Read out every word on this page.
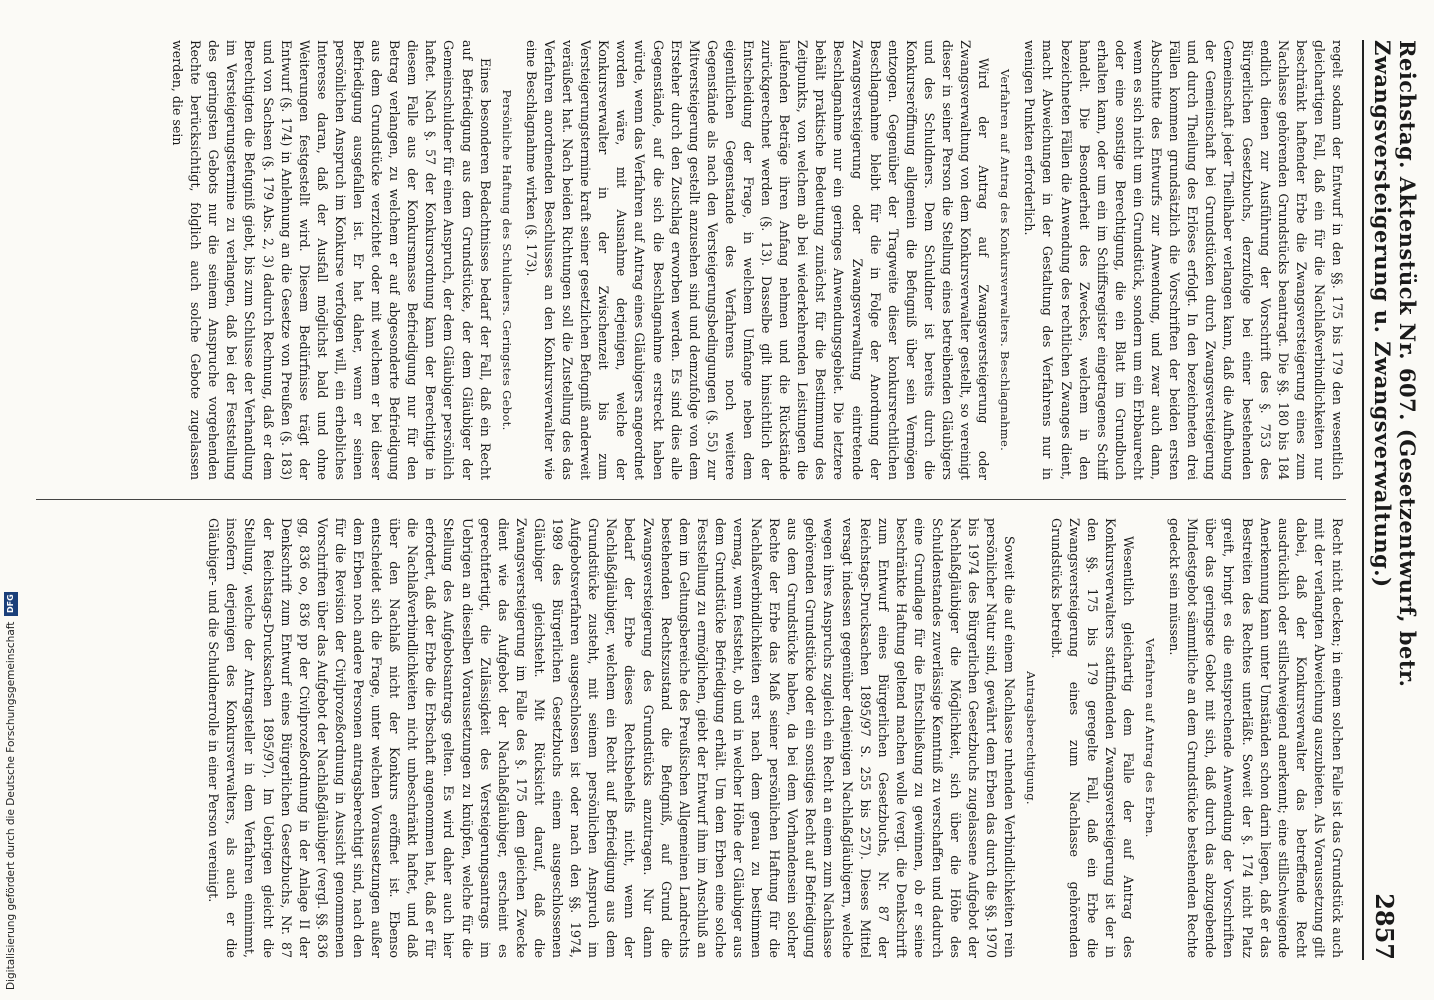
Reichstag. Aktenstück Nr. 607. (Gesetzentwurf, betr. Zwangsversteigerung u. Zwangsverwaltung.)
2857

regelt sodann der Entwurf in den §§. 175 bis 179 den wesentlich gleichartigen Fall, daß ein für die Nachlaßverbindlichkeiten nur beschränkt haftender Erbe die Zwangsversteigerung eines zum Nachlasse gehörenden Grundstücks beantragt. Die §§. 180 bis 184 endlich dienen zur Ausführung der Vorschrift des §. 753 des Bürgerlichen Gesetzbuchs, derzufolge bei einer bestehenden Gemeinschaft jeder Theilhaber verlangen kann, daß die Aufhebung der Gemeinschaft bei Grundstücken durch Zwangsversteigerung und durch Theilung des Erlöses erfolgt. In den bezeichneten drei Fällen kommen grundsätzlich die Vorschriften der beiden ersten Abschnitte des Entwurfs zur Anwendung, und zwar auch dann, wenn es sich nicht um ein Grundstück, sondern um ein Erbbaurecht oder eine sonstige Berechtigung, die ein Blatt im Grundbuch erhalten kann, oder um ein im Schiffsregister eingetragenes Schiff handelt. Die Besonderheit des Zweckes, welchem in den bezeichneten Fällen die Anwendung des rechtlichen Zwanges dient, macht Abweichungen in der Gestaltung des Verfahrens nur in wenigen Punkten erforderlich.

Verfahren auf Antrag des Konkursverwalters. Beschlagnahme.

Wird der Antrag auf Zwangsversteigerung oder Zwangsverwaltung von dem Konkursverwalter gestellt, so vereinigt dieser in seiner Person die Stellung eines betreibenden Gläubigers und des Schuldners. Dem Schuldner ist bereits durch die Konkurseröffnung allgemein die Befugniß über sein Vermögen entzogen. Gegenüber der Tragweite dieser konkursrechtlichen Beschlagnahme bleibt für die in Folge der Anordnung der Zwangsversteigerung oder Zwangsverwaltung eintretende Beschlagnahme nur ein geringes Anwendungsgebiet. Die letztere behält praktische Bedeutung zunächst für die Bestimmung des Zeitpunkts, von welchem ab bei wiederkehrenden Leistungen die laufenden Beträge ihren Anfang nehmen und die Rückstände zurückgerechnet werden (§. 13). Dasselbe gilt hinsichtlich der Entscheidung der Frage, in welchem Umfange neben dem eigentlichen Gegenstande des Verfahrens noch weitere Gegenstände als nach den Versteigerungsbedingungen (§. 55) zur Mitversteigerung gestellt anzusehen sind und demzufolge von dem Ersteher durch den Zuschlag erworben werden. Es sind dies alle Gegenstände, auf die sich die Beschlagnahme erstreckt haben würde, wenn das Verfahren auf Antrag eines Gläubigers angeordnet worden wäre, mit Ausnahme derjenigen, welche der Konkursverwalter in der Zwischenzeit bis zum Versteigerungstermine kraft seiner gesetzlichen Befugniß anderweit veräußert hat. Nach beiden Richtungen soll die Zustellung des das Verfahren anordnenden Beschlusses an den Konkursverwalter wie eine Beschlagnahme wirken (§. 173).

Persönliche Haftung des Schuldners. Geringstes Gebot.

Eines besonderen Bedachtnisses bedarf der Fall, daß ein Recht auf Befriedigung aus dem Grundstücke, der dem Gläubiger der Gemeinschuldner für einen Anspruch, der dem Gläubiger persönlich haftet. Nach §. 57 der Konkursordnung kann der Berechtigte in diesem Falle aus der Konkursmasse Befriedigung nur für den Betrag verlangen, zu welchem er auf abgesonderte Befriedigung aus dem Grundstücke verzichtet oder mit welchem er bei dieser Befriedigung ausgefallen ist. Er hat daher, wenn er seinen persönlichen Anspruch im Konkurse verfolgen will, ein erhebliches Interesse daran, daß der Ausfall möglichst bald und ohne Weiterungen festgestellt wird. Diesem Bedürfnisse trägt der Entwurf (§. 174) in Anlehnung an die Gesetze von Preußen (§. 183) und von Sachsen (§. 179 Abs. 2, 3) dadurch Rechnung, daß er dem Berechtigten die Befugniß giebt, bis zum Schlusse der Verhandlung im Versteigerungstermine zu verlangen, daß bei der Feststellung des geringsten Gebots nur die seinem Anspruche vorgehenden Rechte berücksichtigt, folglich auch solche Gebote zugelassen werden, die sein

Recht nicht decken; in einem solchen Falle ist das Grundstück auch mit der verlangten Abweichung auszubieten. Als Voraussetzung gilt dabei, daß der Konkursverwalter das betreffende Recht ausdrücklich oder stillschweigend anerkennt; eine stillschweigende Anerkennung kann unter Umständen schon darin liegen, daß er das Bestreiten des Rechtes unterläßt. Soweit der §. 174 nicht Platz greift, bringt es die entsprechende Anwendung der Vorschriften über das geringste Gebot mit sich, daß durch das abzugebende Mindestgebot sämmtliche an dem Grundstücke bestehenden Rechte gedeckt sein müssen.

Verfahren auf Antrag des Erben.

Wesentlich gleichartig dem Falle der auf Antrag des Konkursverwalters stattfindenden Zwangsversteigerung ist der in den §§. 175 bis 179 geregelte Fall, daß ein Erbe die Zwangsversteigerung eines zum Nachlasse gehörenden Grundstücks betreibt.

Antragsberechtigung.

Soweit die auf einem Nachlasse ruhenden Verbindlichkeiten rein persönlicher Natur sind, gewährt dem Erben das durch die §§. 1970 bis 1974 des Bürgerlichen Gesetzbuchs zugelassene Aufgebot der Nachlaßgläubiger die Möglichkeit, sich über die Höhe des Schuldenstandes zuverlässige Kenntniß zu verschaffen und dadurch eine Grundlage für die Entschließung zu gewinnen, ob er seine beschränkte Haftung geltend machen wolle (vergl. die Denkschrift zum Entwurf eines Bürgerlichen Gesetzbuchs, Nr. 87 der Reichstags-Drucksachen 1895/97 S. 255 bis 257). Dieses Mittel versagt indessen gegenüber denjenigen Nachlaßgläubigern, welche wegen ihres Anspruchs zugleich ein Recht an einem zum Nachlasse gehörenden Grundstücke oder ein sonstiges Recht auf Befriedigung aus dem Grundstücke haben, da bei dem Vorhandensein solcher Rechte der Erbe das Maß seiner persönlichen Haftung für die Nachlaßverbindlichkeiten erst nach dem genau zu bestimmen vermag, wenn feststeht, ob und in welcher Höhe der Gläubiger aus dem Grundstücke Befriedigung erhält. Um dem Erben eine solche Feststellung zu ermöglichen, giebt der Entwurf ihm im Anschluß an dem im Geltungsbereiche des Preußischen Allgemeinen Landrechts bestehenden Rechtszustand die Befugniß, auf Grund die Zwangsversteigerung des Grundstücks anzutragen. Nur dann bedarf der Erbe dieses Rechtsbehelfs nicht, wenn der Nachlaßgläubiger, welchem ein Recht auf Befriedigung aus dem Grundstücke zusteht, mit seinem persönlichen Anspruch im Aufgebotsverfahren ausgeschlossen ist oder nach den §§. 1974, 1989 des Bürgerlichen Gesetzbuchs einem ausgeschlossenen Gläubiger gleichsteht. Mit Rücksicht darauf, daß die Zwangsversteigerung im Falle des §. 175 dem gleichen Zwecke dient wie das Aufgebot der Nachlaßgläubiger, erscheint es gerechtfertigt, die Zulässigkeit des Versteigerungsantrags im Uebrigen an dieselben Voraussetzungen zu knüpfen, welche für die Stellung des Aufgebotsantrags gelten. Es wird daher auch hier erfordert, daß der Erbe die Erbschaft angenommen hat, daß er für die Nachlaßverbindlichkeiten nicht unbeschränkt haftet, und daß über den Nachlaß nicht der Konkurs eröffnet ist. Ebenso entscheidet sich die Frage, unter welchen Voraussetzungen außer dem Erben noch andere Personen antragsberechtigt sind, nach den für die Revision der Civilprozeßordnung in Aussicht genommenen Vorschriften über das Aufgebot der Nachlaßgläubiger (vergl. §§. 836 gg, 836 oo, 836 pp der Civilprozeßordnung in der Anlage II der Denkschrift zum Entwurf eines Bürgerlichen Gesetzbuchs, Nr. 87 der Reichstags-Drucksachen 1895/97). Im Uebrigen gleicht die Stellung, welche der Antragsteller in dem Verfahren einnimmt, insofern derjenigen des Konkursverwalters, als auch er die Gläubiger- und die Schuldnerrolle in einer Person vereinigt.

Digitalisierung gefördert durch die Deutsche Forschungsgemeinschaft
DFG
